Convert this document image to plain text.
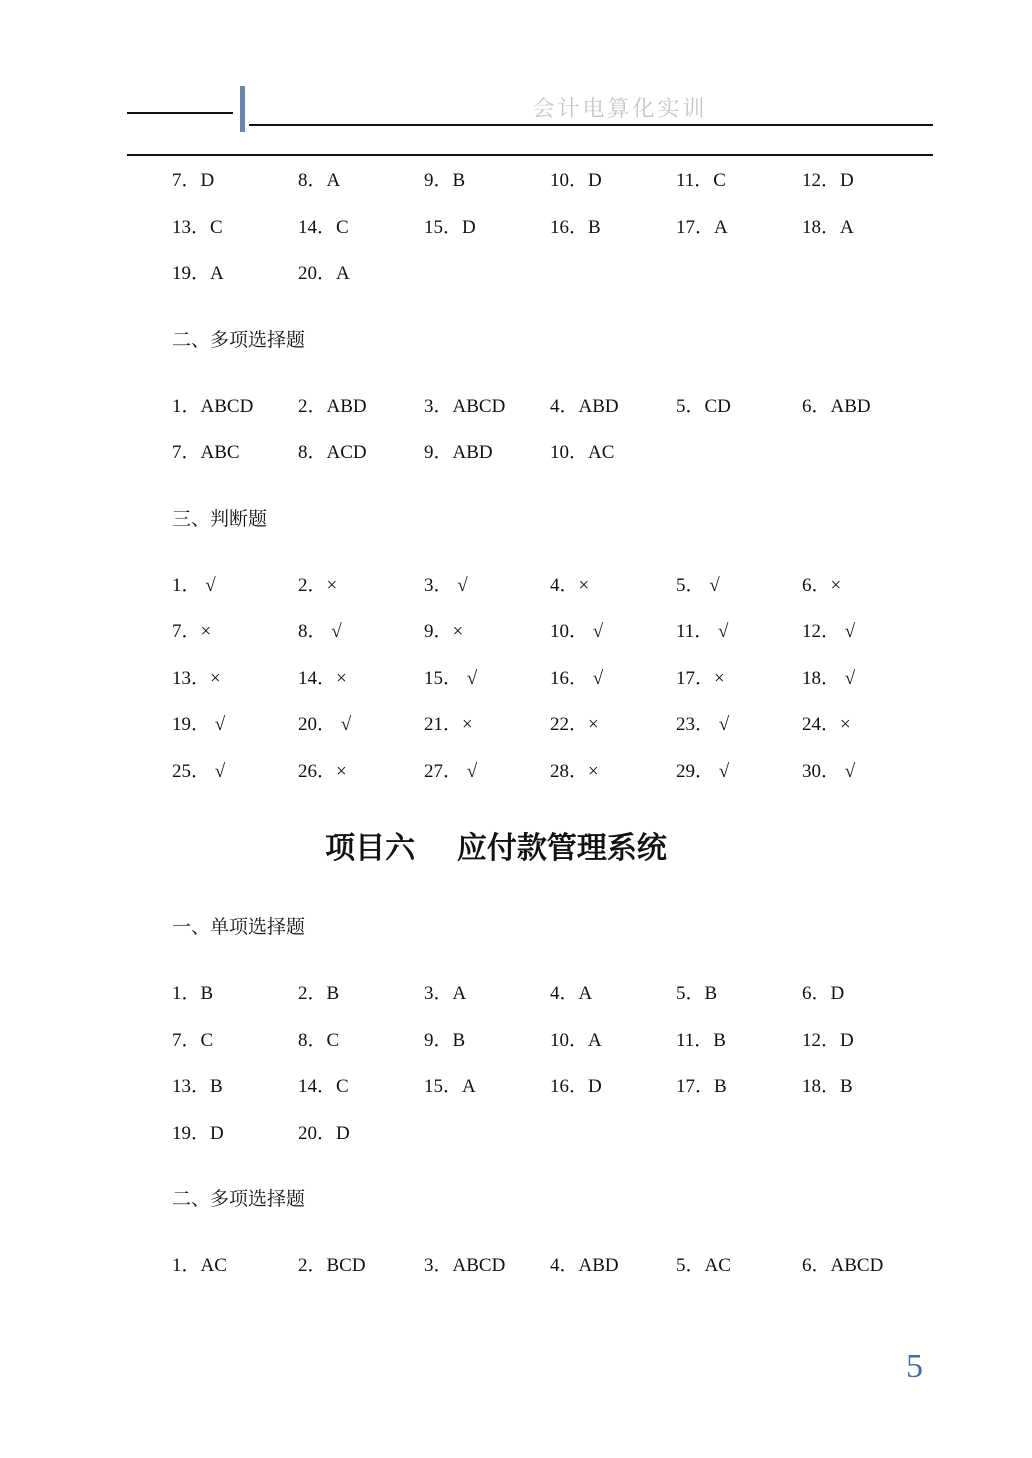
会计电算化实训
7．D	8．A	9．B	10．D	11．C	12．D
13．C	14．C	15．D	16．B	17．A	18．A
19．A	20．A
二、多项选择题
1．ABCD	2．ABD	3．ABCD	4．ABD	5．CD	6．ABD
7．ABC	8．ACD	9．ABD	10．AC
三、判断题
1． √	2．×	3． √	4．×	5． √	6．×
7．×	8． √	9．×	10． √	11． √	12． √
13．×	14．×	15． √	16． √	17．×	18． √
19． √	20． √	21．×	22．×	23． √	24．×
25． √	26．×	27． √	28．×	29． √	30． √
项目六    应付款管理系统
一、单项选择题
1．B	2．B	3．A	4．A	5．B	6．D
7．C	8．C	9．B	10．A	11．B	12．D
13．B	14．C	15．A	16．D	17．B	18．B
19．D	20．D
二、多项选择题
1．AC	2．BCD	3．ABCD	4．ABD	5．AC	6．ABCD
5
